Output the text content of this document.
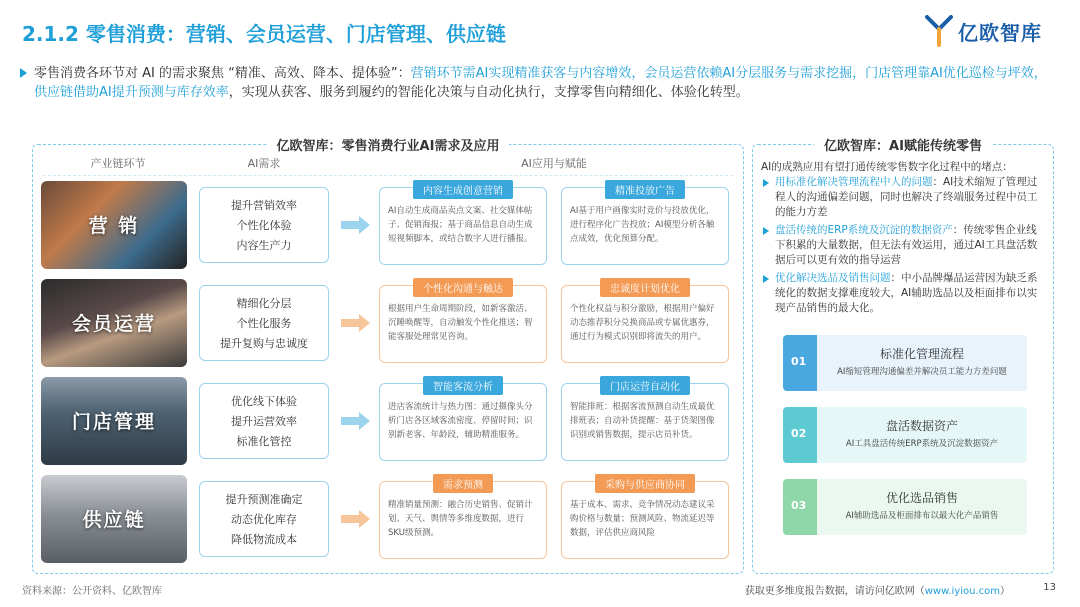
2.1.2 零售消费：营销、会员运营、门店管理、供应链	亿欧智库
零售消费各环节对 AI 的需求聚焦 “精准、高效、降本、提体验”：营销环节需AI实现精准获客与内容增效，会员运营依赖AI分层服务与需求挖掘，门店管理靠AI优化巡检与坪效，供应链借助AI提升预测与库存效率，实现从获客、服务到履约的智能化决策与自动化执行，支撑零售向精细化、体验化转型。
亿欧智库：零售消费行业AI需求及应用
产业链环节	AI需求	AI应用与赋能
营 销
提升营销效率
个性化体验
内容生产力
内容生成创意营销
AI自动生成商品卖点文案、社交媒体帖子、促销海报；基于商品信息自动生成短视频脚本，或结合数字人进行播报。
精准投放广告
AI基于用户画像实时竞价与投放优化，进行程序化广告投放；AI模型分析各触点成效，优化预算分配。
会员运营
精细化分层
个性化服务
提升复购与忠诚度
个性化沟通与触达
根据用户生命周期阶段，如新客激活、沉睡唤醒等，自动触发个性化推送；智能客服处理常见咨询。
忠诚度计划优化
个性化权益与积分激励，根据用户偏好动态推荐积分兑换商品或专属优惠券，通过行为模式识别即将流失的用户。
门店管理
优化线下体验
提升运营效率
标准化管控
智能客流分析
进店客流统计与热力图：通过摄像头分析门店各区域客流密度、停留时间；识别新老客、年龄段，辅助精准服务。
门店运营自动化
智能排班：根据客流预测自动生成最优排班表；自动补货提醒：基于货架图像识别或销售数据，提示店员补货。
供应链
提升预测准确定
动态优化库存
降低物流成本
需求预测
精准销量预测：融合历史销售、促销计划、天气、舆情等多维度数据，进行SKU级预测。
采购与供应商协同
基于成本、需求、竞争情况动态建议采购价格与数量；预测风险、物流延迟等数据，评估供应商风险
亿欧智库：AI赋能传统零售
AI的成熟应用有望打通传统零售数字化过程中的堵点：
用标准化解决管理流程中人的问题：AI技术缩短了管理过程人的沟通偏差问题，同时也解决了终端服务过程中员工的能力方差
盘活传统的ERP系统及沉淀的数据资产：传统零售企业线下积累的大量数据，但无法有效运用，通过AI工具盘活数据后可以更有效的指导运营
优化解决选品及销售问题：中小品牌爆品运营因为缺乏系统化的数据支撑难度较大，AI辅助选品以及柜面排布以实现产品销售的最大化。
01
标准化管理流程
AI缩短管理沟通偏差并解决员工能力方差问题
02
盘活数据资产
AI工具盘活传统ERP系统及沉淀数据资产
03
优化选品销售
AI辅助选品及柜面排布以最大化产品销售
资料来源：公开资料、亿欧智库	获取更多维度报告数据，请访问亿欧网（www.iyiou.com）	13
